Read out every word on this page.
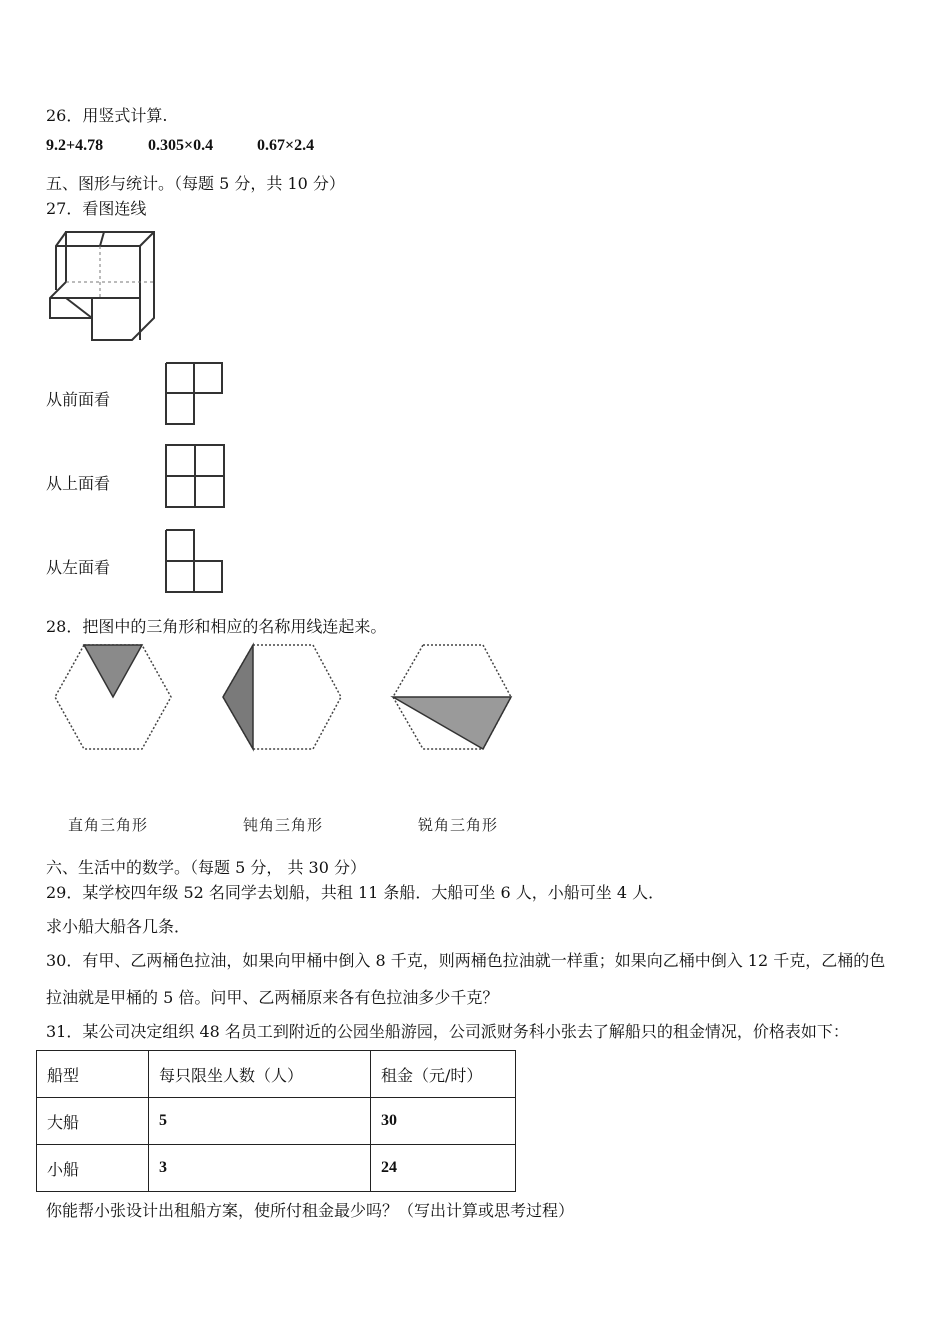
26．用竖式计算.
9.2+4.78	0.305×0.4	0.67×2.4
五、图形与统计。（每题 5 分，共 10 分）
27．看图连线
从前面看
从上面看
从左面看
28．把图中的三角形和相应的名称用线连起来。
直角三角形	钝角三角形	锐角三角形
六、生活中的数学。（每题 5 分， 共 30 分）
29．某学校四年级 52 名同学去划船，共租 11 条船．大船可坐 6 人，小船可坐 4 人．
求小船大船各几条．
30．有甲、乙两桶色拉油，如果向甲桶中倒入 8 千克，则两桶色拉油就一样重；如果向乙桶中倒入 12 千克，乙桶的色
拉油就是甲桶的 5 倍。问甲、乙两桶原来各有色拉油多少千克？
31．某公司决定组织 48 名员工到附近的公园坐船游园，公司派财务科小张去了解船只的租金情况，价格表如下：
船型	每只限坐人数（人）	租金（元/时）
大船	5	30
小船	3	24
你能帮小张设计出租船方案，使所付租金最少吗？（写出计算或思考过程）
